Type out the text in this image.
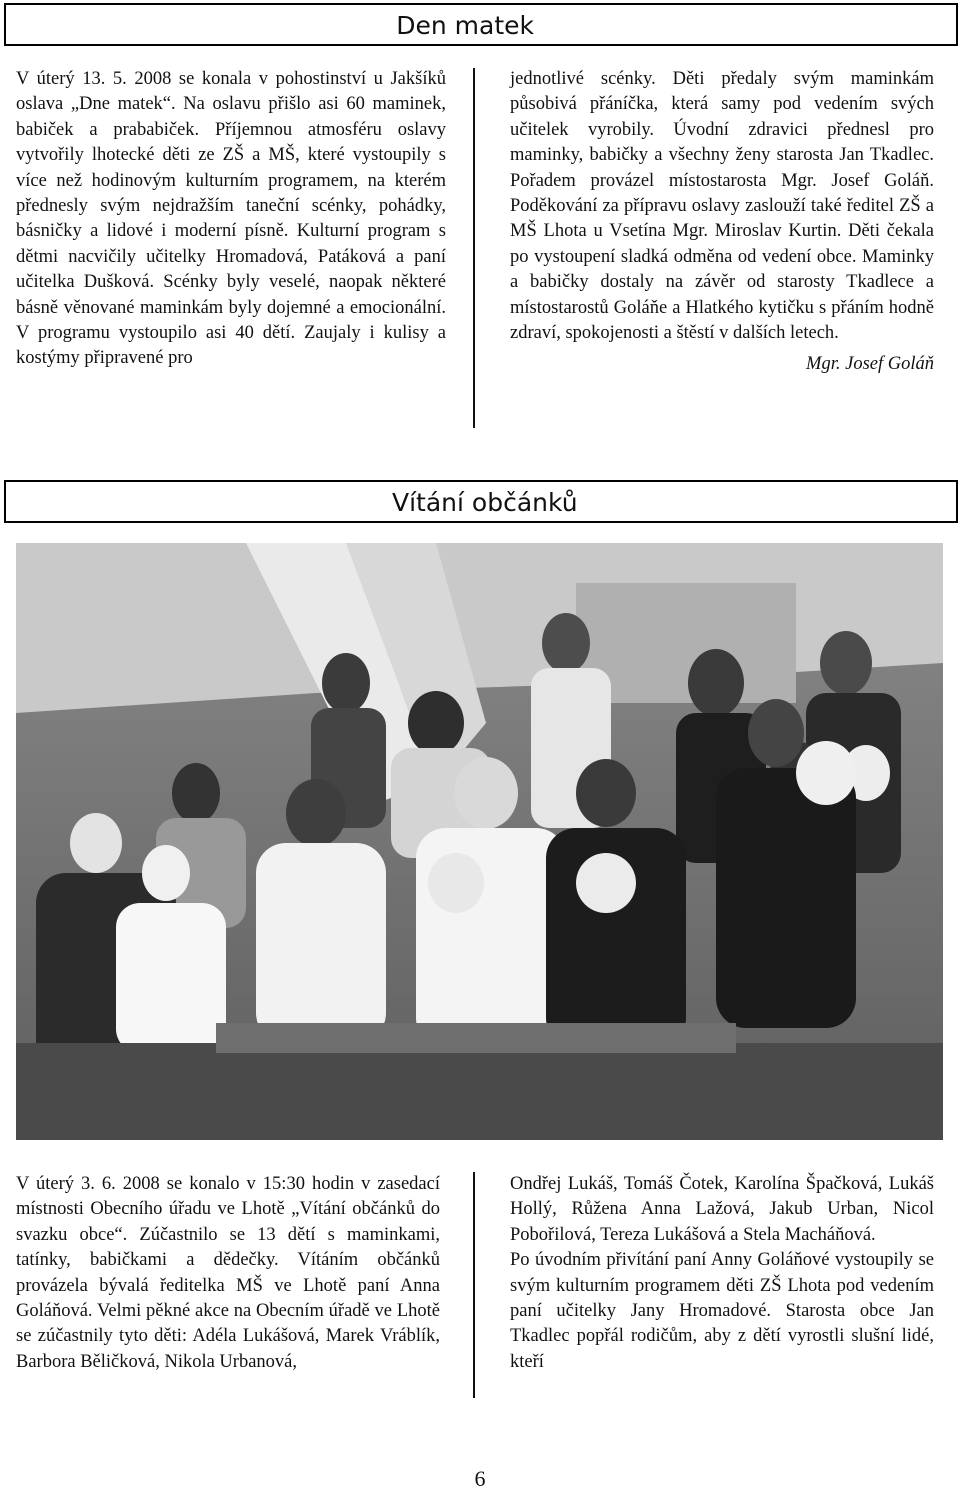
Den matek

V úterý 13. 5. 2008 se konala v pohostinství u Jakšíků oslava „Dne matek“. Na oslavu přišlo asi 60 maminek, babiček a prababiček. Příjemnou atmosféru oslavy vytvořily lhotecké děti ze ZŠ a MŠ, které vystoupily s více než hodinovým kulturním programem, na kterém přednesly svým nejdražším taneční scénky, pohádky, básničky a lidové i moderní písně. Kulturní program s dětmi nacvičily učitelky Hromadová, Patáková a paní učitelka Dušková. Scénky byly veselé, naopak některé básně věnované maminkám byly dojemné a emocionální. V programu vystoupilo asi 40 dětí. Zaujaly i kulisy a kostýmy připravené pro

jednotlivé scénky. Děti předaly svým maminkám působivá přáníčka, která samy pod vedením svých učitelek vyrobily. Úvodní zdravici přednesl pro maminky, babičky a všechny ženy starosta Jan Tkadlec. Pořadem provázel místostarosta Mgr. Josef Goláň. Poděkování za přípravu oslavy zaslouží také ředitel ZŠ a MŠ Lhota u Vsetína Mgr. Miroslav Kurtin. Děti čekala po vystoupení sladká odměna od vedení obce. Maminky a babičky dostaly na závěr od starosty Tkadlece a místostarostů Goláňe a Hlatkého kytičku s přáním hodně zdraví, spokojenosti a štěstí v dalších letech.

Mgr. Josef Goláň

Vítání občánků

V úterý 3. 6. 2008 se konalo v 15:30 hodin v zasedací místnosti Obecního úřadu ve Lhotě „Vítání občánků do svazku obce“. Zúčastnilo se 13 dětí s maminkami, tatínky, babičkami a dědečky. Vítáním občánků provázela bývalá ředitelka MŠ ve Lhotě paní Anna Goláňová. Velmi pěkné akce na Obecním úřadě ve Lhotě se zúčastnily tyto děti: Adéla Lukášová, Marek Vráblík, Barbora Běličková, Nikola Urbanová,

Ondřej Lukáš, Tomáš Čotek, Karolína Špačková, Lukáš Hollý, Růžena Anna Lažová, Jakub Urban, Nicol Pobořilová, Tereza Lukášová a Stela Macháňová.

Po úvodním přivítání paní Anny Goláňové vystoupily se svým kulturním programem děti ZŠ Lhota pod vedením paní učitelky Jany Hromadové. Starosta obce Jan Tkadlec popřál rodičům, aby z dětí vyrostli slušní lidé, kteří

6
